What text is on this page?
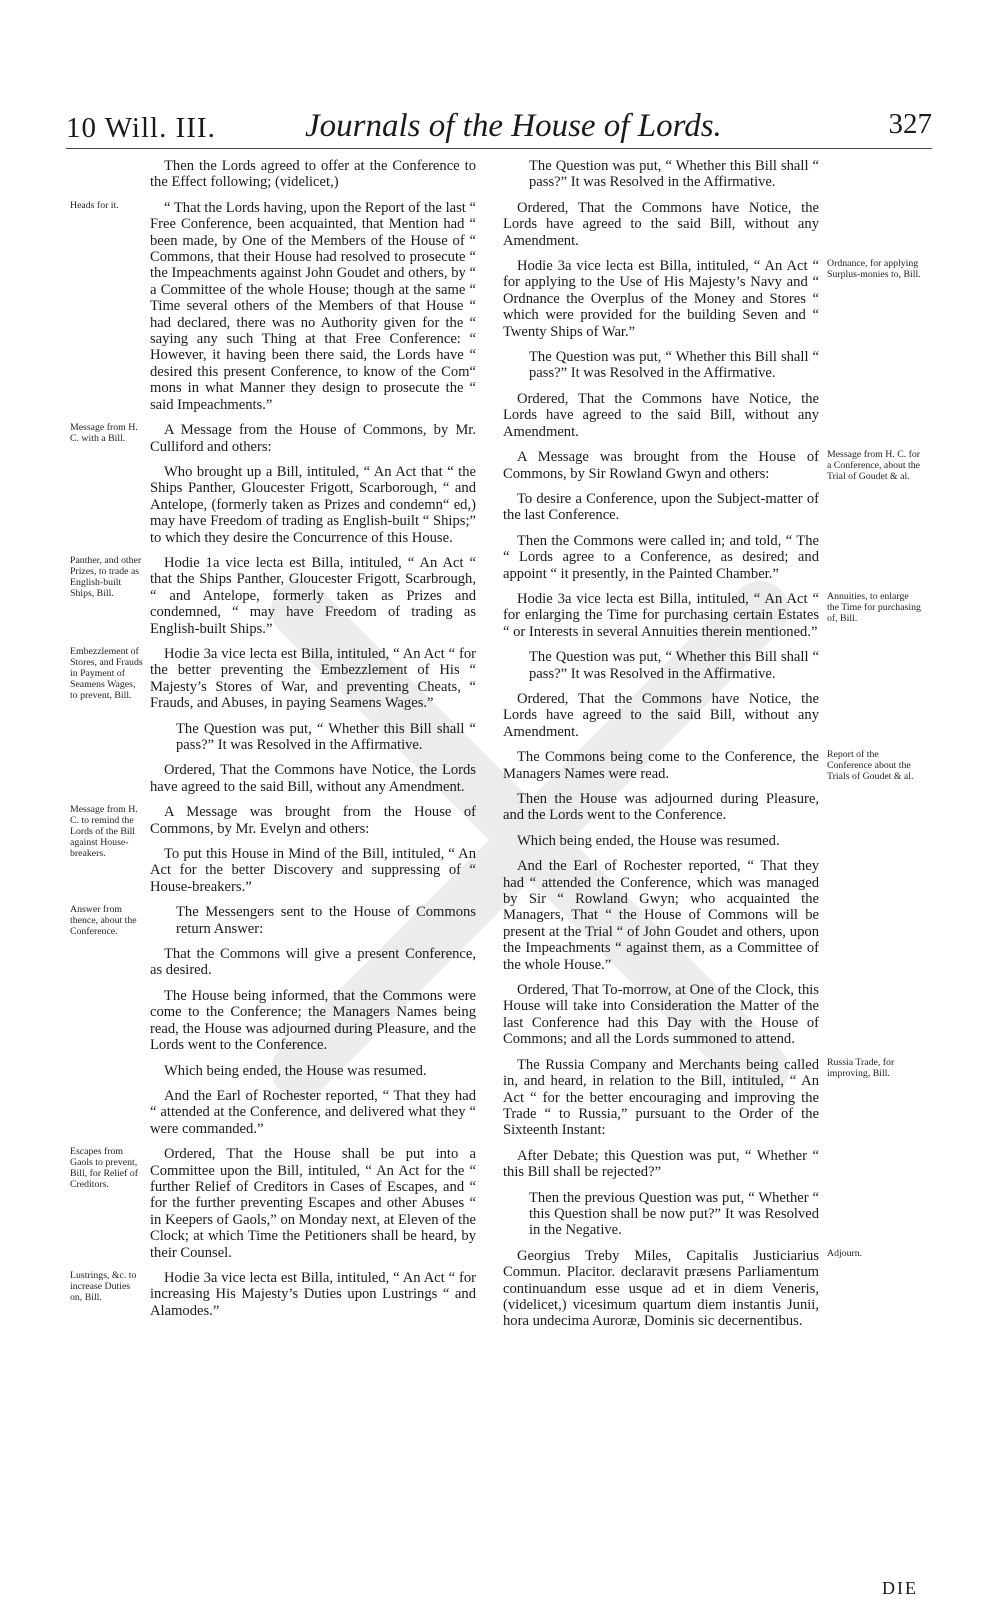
10 Will. III.	Journals of the House of Lords.	327

Then the Lords agreed to offer at the Conference to the Effect following; (videlicet,)

Heads for it.	“ That the Lords having, upon the Report of the last “ Free Conference, been acquainted, that Mention had “ been made, by One of the Members of the House of “ Commons, that their House had resolved to prosecute “ the Impeachments against John Goudet and others, by “ a Committee of the whole House; though at the same “ Time several others of the Members of that House “ had declared, there was no Authority given for the “ saying any such Thing at that Free Conference: “ However, it having been there said, the Lords have “ desired this present Conference, to know of the Com“ mons in what Manner they design to prosecute the “ said Impeachments.”

Message from H. C. with a Bill.

A Message from the House of Commons, by Mr. Culliford and others:

Who brought up a Bill, intituled, “ An Act that “ the Ships Panther, Gloucester Frigott, Scarborough, “ and Antelope, (formerly taken as Prizes and condemn“ ed,) may have Freedom of trading as English-built “ Ships;” to which they desire the Concurrence of this House.

Panther, and other Prizes, to trade as English-built Ships, Bill.

Hodie 1a vice lecta est Billa, intituled, “ An Act “ that the Ships Panther, Gloucester Frigott, Scarbrough, “ and Antelope, formerly taken as Prizes and condemned, “ may have Freedom of trading as English-built Ships.”

Embezzlement of Stores, and Frauds in Payment of Seamens Wages, to prevent, Bill.

Hodie 3a vice lecta est Billa, intituled, “ An Act “ for the better preventing the Embezzlement of His “ Majesty’s Stores of War, and preventing Cheats, “ Frauds, and Abuses, in paying Seamens Wages.”

The Question was put, “ Whether this Bill shall “ pass?” It was Resolved in the Affirmative.

Ordered, That the Commons have Notice, the Lords have agreed to the said Bill, without any Amendment.

Message from H. C. to remind the Lords of the Bill against House-breakers.

A Message was brought from the House of Commons, by Mr. Evelyn and others:

To put this House in Mind of the Bill, intituled, “ An Act for the better Discovery and suppressing of “ House-breakers.”

Answer from thence, about the Conference.

The Messengers sent to the House of Commons return Answer:

That the Commons will give a present Conference, as desired.

The House being informed, that the Commons were come to the Conference; the Managers Names being read, the House was adjourned during Pleasure, and the Lords went to the Conference.

Which being ended, the House was resumed.

And the Earl of Rochester reported, “ That they had “ attended at the Conference, and delivered what they “ were commanded.”

Escapes from Gaols to prevent, Bill, for Relief of Creditors.

Ordered, That the House shall be put into a Committee upon the Bill, intituled, “ An Act for the “ further Relief of Creditors in Cases of Escapes, and “ for the further preventing Escapes and other Abuses “ in Keepers of Gaols,” on Monday next, at Eleven of the Clock; at which Time the Petitioners shall be heard, by their Counsel.

Lustrings, &c. to increase Duties on, Bill.

Hodie 3a vice lecta est Billa, intituled, “ An Act “ for increasing His Majesty’s Duties upon Lustrings “ and Alamodes.”

The Question was put, “ Whether this Bill shall “ pass?” It was Resolved in the Affirmative.

Ordered, That the Commons have Notice, the Lords have agreed to the said Bill, without any Amendment.

Ordnance, for applying Surplus-monies to, Bill.

Hodie 3a vice lecta est Billa, intituled, “ An Act “ for applying to the Use of His Majesty’s Navy and “ Ordnance the Overplus of the Money and Stores “ which were provided for the building Seven and “ Twenty Ships of War.”

The Question was put, “ Whether this Bill shall “ pass?” It was Resolved in the Affirmative.

Ordered, That the Commons have Notice, the Lords have agreed to the said Bill, without any Amendment.

Message from H. C. for a Conference, about the Trial of Goudet & al.

A Message was brought from the House of Commons, by Sir Rowland Gwyn and others:

To desire a Conference, upon the Subject-matter of the last Conference.

Then the Commons were called in; and told, “ The “ Lords agree to a Conference, as desired; and appoint “ it presently, in the Painted Chamber.”

Annuities, to enlarge the Time for purchasing of, Bill.

Hodie 3a vice lecta est Billa, intituled, “ An Act “ for enlarging the Time for purchasing certain Estates “ or Interests in several Annuities therein mentioned.”

The Question was put, “ Whether this Bill shall “ pass?” It was Resolved in the Affirmative.

Ordered, That the Commons have Notice, the Lords have agreed to the said Bill, without any Amendment.

Report of the Conference about the Trials of Goudet & al.

The Commons being come to the Conference, the Managers Names were read.

Then the House was adjourned during Pleasure, and the Lords went to the Conference.

Which being ended, the House was resumed.

And the Earl of Rochester reported, “ That they had “ attended the Conference, which was managed by Sir “ Rowland Gwyn; who acquainted the Managers, That “ the House of Commons will be present at the Trial “ of John Goudet and others, upon the Impeachments “ against them, as a Committee of the whole House.”

Ordered, That To-morrow, at One of the Clock, this House will take into Consideration the Matter of the last Conference had this Day with the House of Commons; and all the Lords summoned to attend.

Russia Trade, for improving, Bill.

The Russia Company and Merchants being called in, and heard, in relation to the Bill, intituled, “ An Act “ for the better encouraging and improving the Trade “ to Russia,” pursuant to the Order of the Sixteenth Instant:

After Debate; this Question was put, “ Whether “ this Bill shall be rejected?”

Then the previous Question was put, “ Whether “ this Question shall be now put?” It was Resolved in the Negative.

Adjourn.

Georgius Treby Miles, Capitalis Justiciarius Commun. Placitor. declaravit præsens Parliamentum continuandum esse usque ad et in diem Veneris, (videlicet,) vicesimum quartum diem instantis Junii, hora undecima Auroræ, Dominis sic decernentibus.

DIE
